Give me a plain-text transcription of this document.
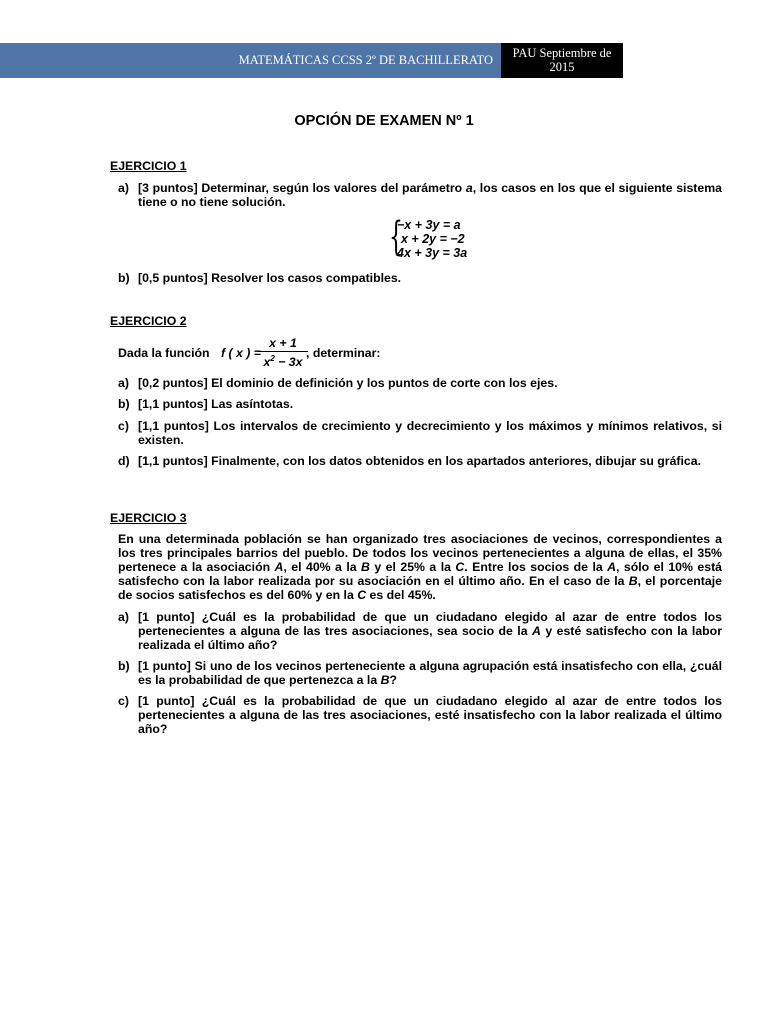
MATEMÁTICAS CCSS 2º DE BACHILLERATO	PAU Septiembre de 2015
OPCIÓN DE EXAMEN Nº 1
EJERCICIO 1
a) [3 puntos] Determinar, según los valores del parámetro a, los casos en los que el siguiente sistema tiene o no tiene solución.
{
−x + 3y = a
x + 2y = −2
4x + 3y = 3a
b) [0,5 puntos] Resolver los casos compatibles.
EJERCICIO 2
Dada la función f ( x ) =
$\frac{x + 1}{x^2 - 3x}$
, determinar:
a) [0,2 puntos] El dominio de definición y los puntos de corte con los ejes.
b) [1,1 puntos] Las asíntotas.
c) [1,1 puntos] Los intervalos de crecimiento y decrecimiento y los máximos y mínimos relativos, si existen.
d) [1,1 puntos] Finalmente, con los datos obtenidos en los apartados anteriores, dibujar su gráfica.
EJERCICIO 3
En una determinada población se han organizado tres asociaciones de vecinos, correspondientes a los tres principales barrios del pueblo. De todos los vecinos pertenecientes a alguna de ellas, el 35% pertenece a la asociación A, el 40% a la B y el 25% a la C. Entre los socios de la A, sólo el 10% está satisfecho con la labor realizada por su asociación en el último año. En el caso de la B, el porcentaje de socios satisfechos es del 60% y en la C es del 45%.
a) [1 punto] ¿Cuál es la probabilidad de que un ciudadano elegido al azar de entre todos los pertenecientes a alguna de las tres asociaciones, sea socio de la A y esté satisfecho con la labor realizada el último año?
b) [1 punto] Si uno de los vecinos perteneciente a alguna agrupación está insatisfecho con ella, ¿cuál es la probabilidad de que pertenezca a la B?
c) [1 punto] ¿Cuál es la probabilidad de que un ciudadano elegido al azar de entre todos los pertenecientes a alguna de las tres asociaciones, esté insatisfecho con la labor realizada el último año?
